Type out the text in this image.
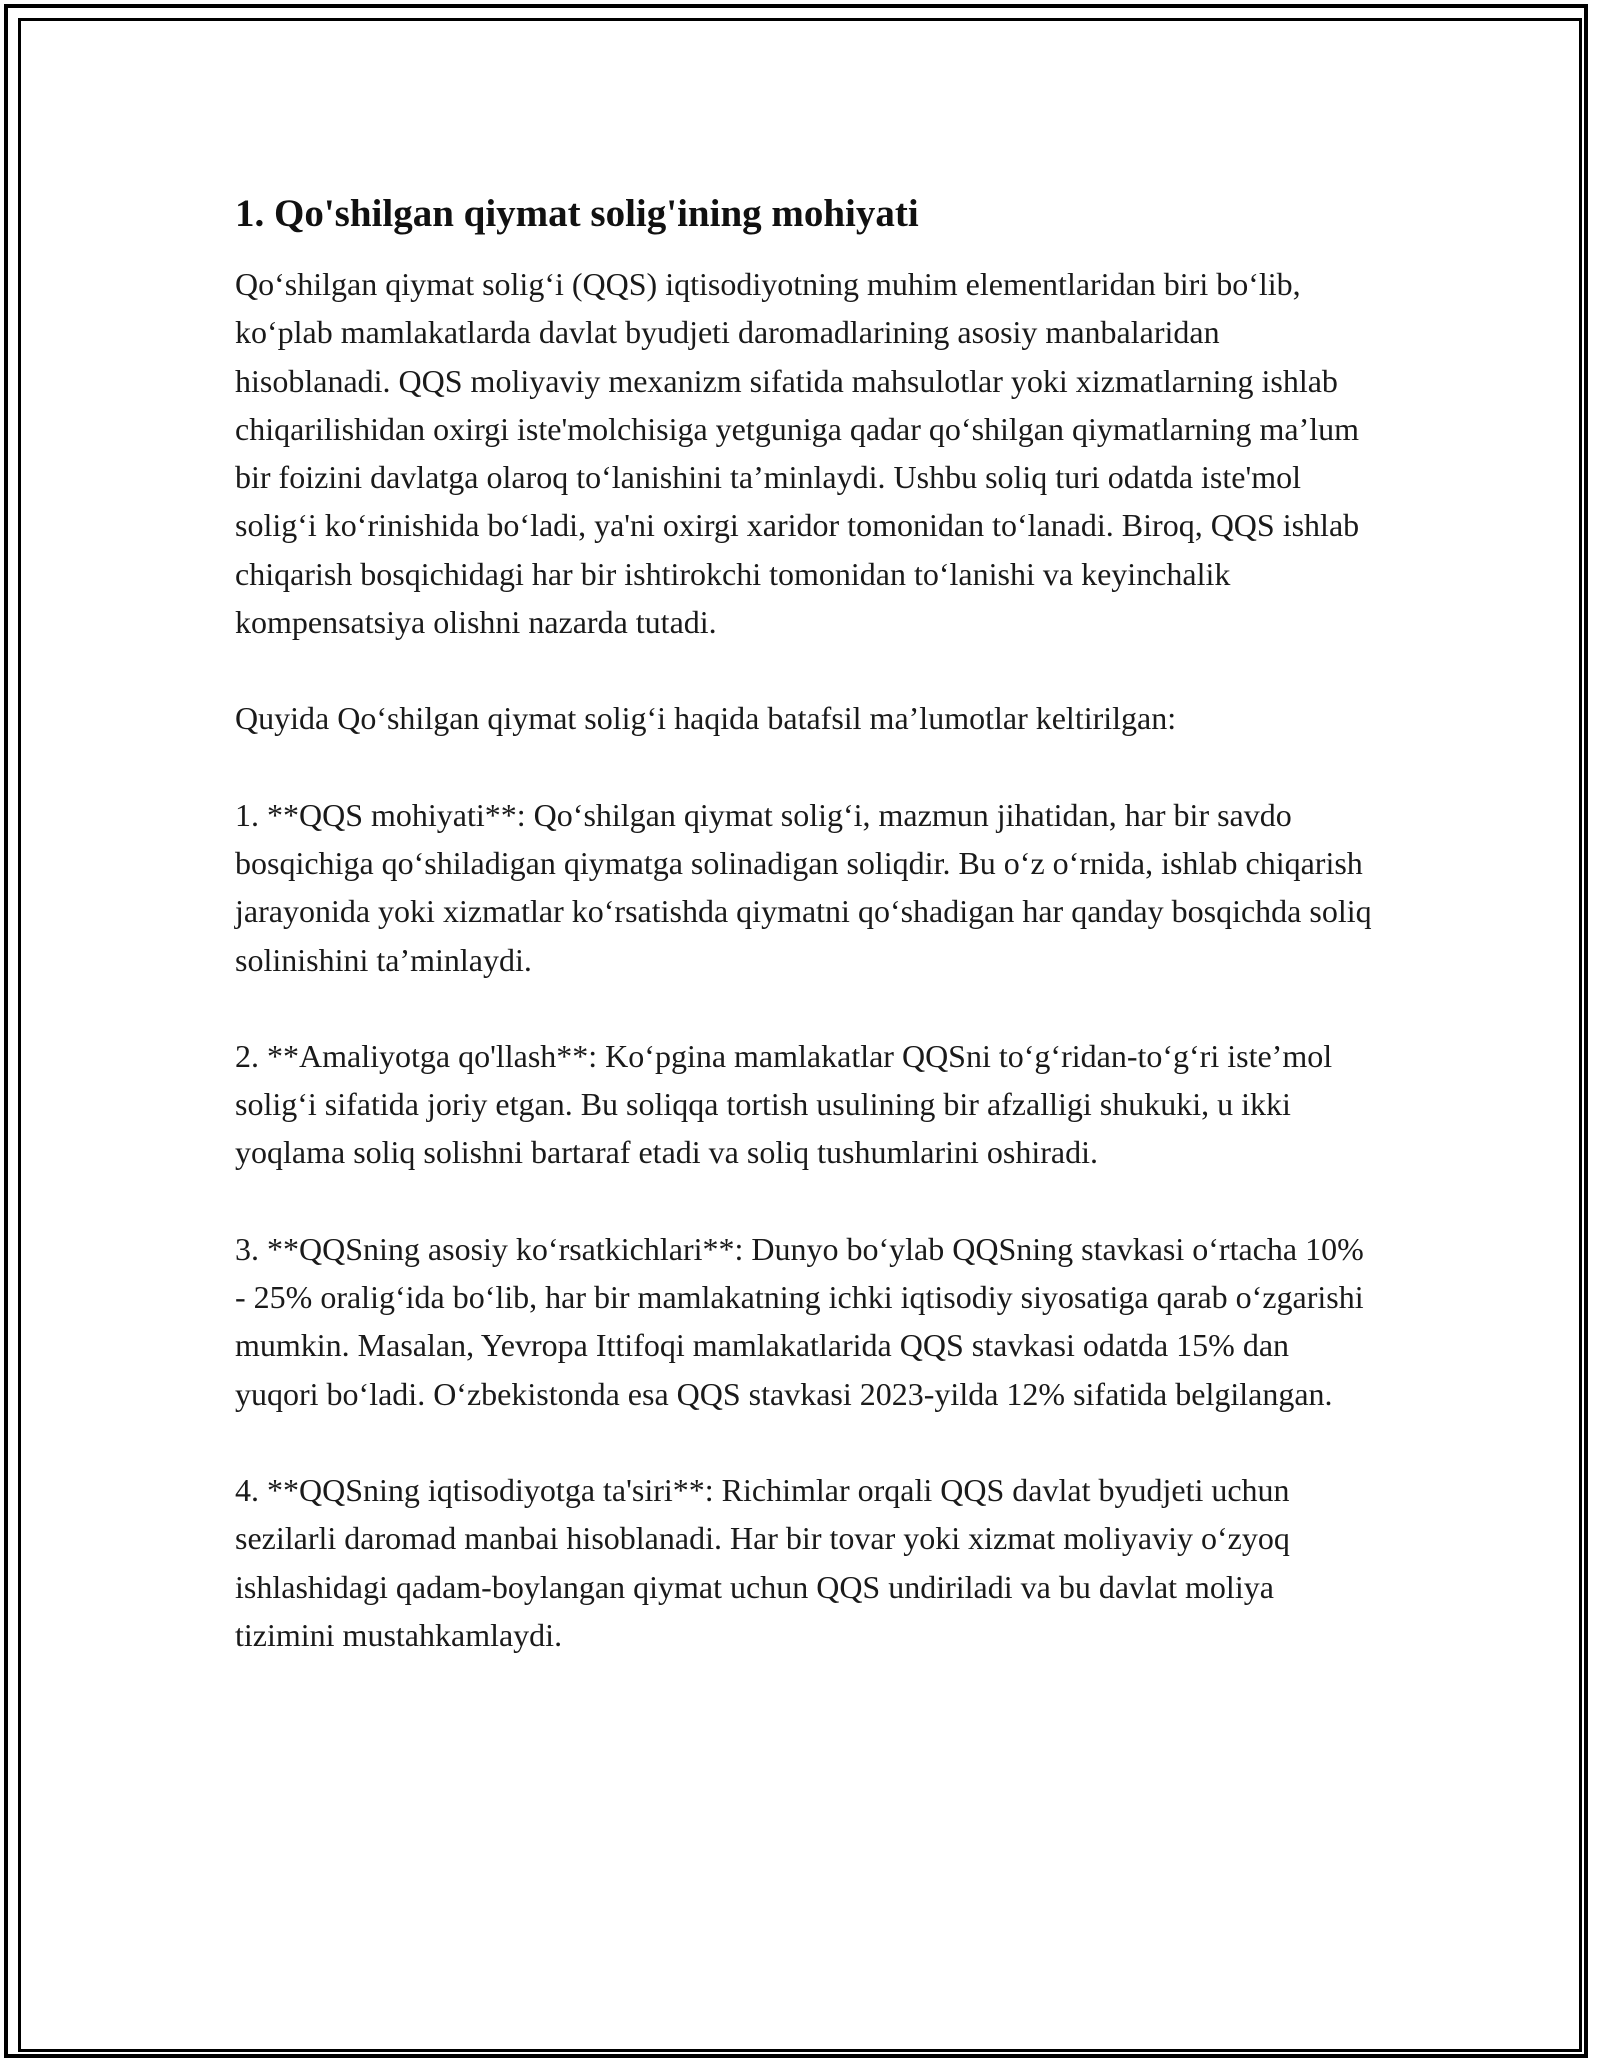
1. Qo'shilgan qiymat solig'ining mohiyati

Qo‘shilgan qiymat solig‘i (QQS) iqtisodiyotning muhim elementlaridan biri bo‘lib, ko‘plab mamlakatlarda davlat byudjeti daromadlarining asosiy manbalaridan hisoblanadi. QQS moliyaviy mexanizm sifatida mahsulotlar yoki xizmatlarning ishlab chiqarilishidan oxirgi iste'molchisiga yetguniga qadar qo‘shilgan qiymatlarning ma’lum bir foizini davlatga olaroq to‘lanishini ta’minlaydi. Ushbu soliq turi odatda iste'mol solig‘i ko‘rinishida bo‘ladi, ya'ni oxirgi xaridor tomonidan to‘lanadi. Biroq, QQS ishlab chiqarish bosqichidagi har bir ishtirokchi tomonidan to‘lanishi va keyinchalik kompensatsiya olishni nazarda tutadi.

Quyida Qo‘shilgan qiymat solig‘i haqida batafsil ma’lumotlar keltirilgan:

1. **QQS mohiyati**: Qo‘shilgan qiymat solig‘i, mazmun jihatidan, har bir savdo bosqichiga qo‘shiladigan qiymatga solinadigan soliqdir. Bu o‘z o‘rnida, ishlab chiqarish jarayonida yoki xizmatlar ko‘rsatishda qiymatni qo‘shadigan har qanday bosqichda soliq solinishini ta’minlaydi.

2. **Amaliyotga qo'llash**: Ko‘pgina mamlakatlar QQSni to‘g‘ridan-to‘g‘ri iste’mol solig‘i sifatida joriy etgan. Bu soliqqa tortish usulining bir afzalligi shukuki, u ikki yoqlama soliq solishni bartaraf etadi va soliq tushumlarini oshiradi.

3. **QQSning asosiy ko‘rsatkichlari**: Dunyo bo‘ylab QQSning stavkasi o‘rtacha 10% - 25% oralig‘ida bo‘lib, har bir mamlakatning ichki iqtisodiy siyosatiga qarab o‘zgarishi mumkin. Masalan, Yevropa Ittifoqi mamlakatlarida QQS stavkasi odatda 15% dan yuqori bo‘ladi. O‘zbekistonda esa QQS stavkasi 2023-yilda 12% sifatida belgilangan.

4. **QQSning iqtisodiyotga ta'siri**: Richimlar orqali QQS davlat byudjeti uchun sezilarli daromad manbai hisoblanadi. Har bir tovar yoki xizmat moliyaviy o‘zyoq ishlashidagi qadam-boylangan qiymat uchun QQS undiriladi va bu davlat moliya tizimini mustahkamlaydi.
